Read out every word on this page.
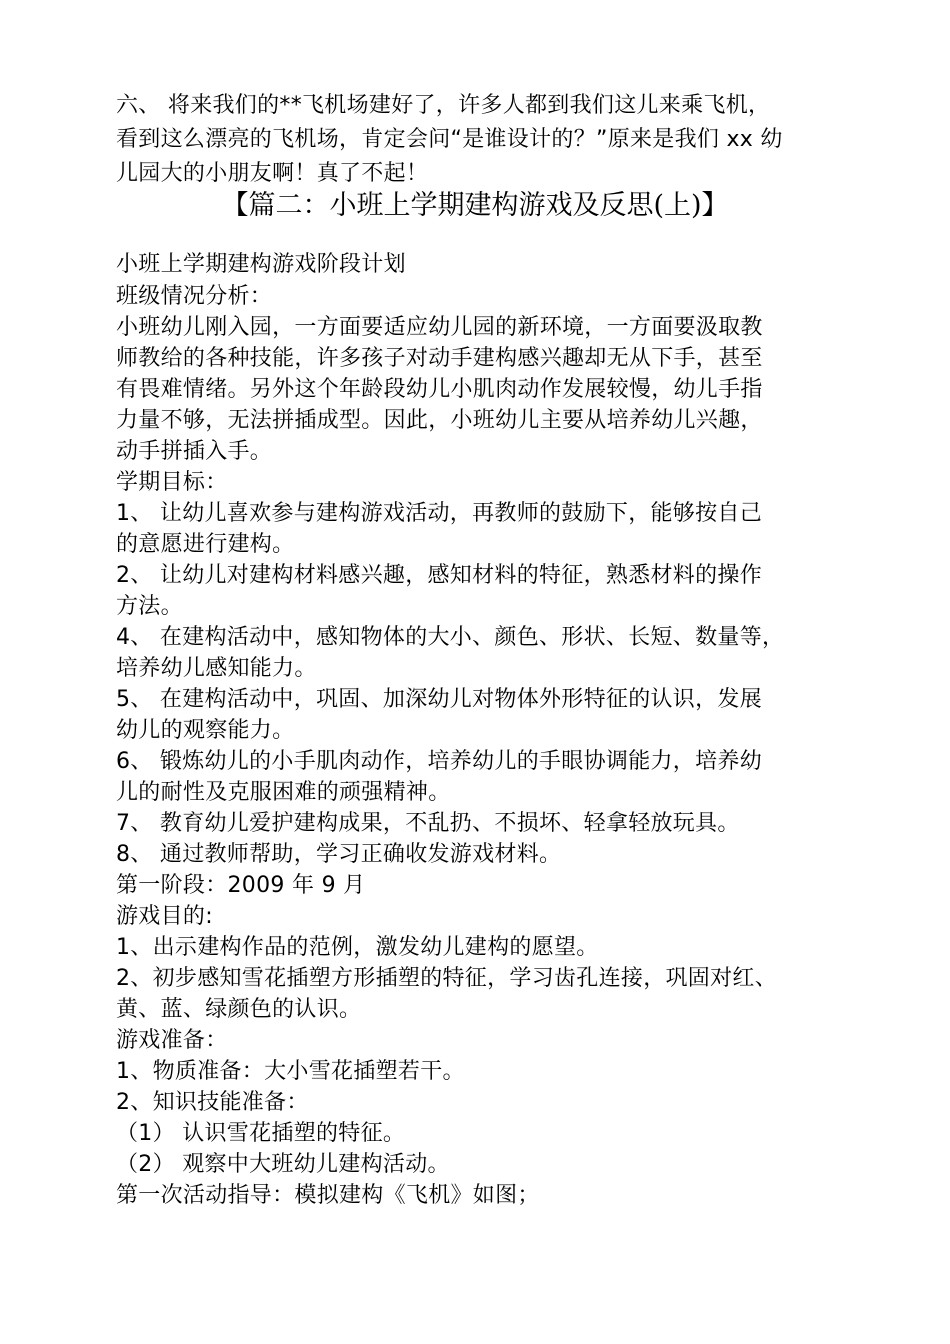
六、 将来我们的**飞机场建好了，许多人都到我们这儿来乘飞机，
看到这么漂亮的飞机场，肯定会问“是谁设计的？”原来是我们 xx 幼
儿园大的小朋友啊！真了不起！
【篇二：小班上学期建构游戏及反思(上)】
小班上学期建构游戏阶段计划
班级情况分析：
小班幼儿刚入园，一方面要适应幼儿园的新环境，一方面要汲取教
师教给的各种技能，许多孩子对动手建构感兴趣却无从下手，甚至
有畏难情绪。另外这个年龄段幼儿小肌肉动作发展较慢，幼儿手指
力量不够，无法拼插成型。因此，小班幼儿主要从培养幼儿兴趣，
动手拼插入手。
学期目标：
1、 让幼儿喜欢参与建构游戏活动，再教师的鼓励下，能够按自己
的意愿进行建构。
2、 让幼儿对建构材料感兴趣，感知材料的特征，熟悉材料的操作
方法。
4、 在建构活动中，感知物体的大小、颜色、形状、长短、数量等，
培养幼儿感知能力。
5、 在建构活动中，巩固、加深幼儿对物体外形特征的认识，发展
幼儿的观察能力。
6、 锻炼幼儿的小手肌肉动作，培养幼儿的手眼协调能力，培养幼
儿的耐性及克服困难的顽强精神。
7、 教育幼儿爱护建构成果，不乱扔、不损坏、轻拿轻放玩具。
8、 通过教师帮助，学习正确收发游戏材料。
第一阶段：2009 年 9 月
游戏目的:
1、出示建构作品的范例，激发幼儿建构的愿望。
2、初步感知雪花插塑方形插塑的特征，学习齿孔连接，巩固对红、
黄、蓝、绿颜色的认识。
游戏准备：
1、物质准备：大小雪花插塑若干。
2、知识技能准备：
（1） 认识雪花插塑的特征。
（2） 观察中大班幼儿建构活动。
第一次活动指导：模拟建构《飞机》如图；
